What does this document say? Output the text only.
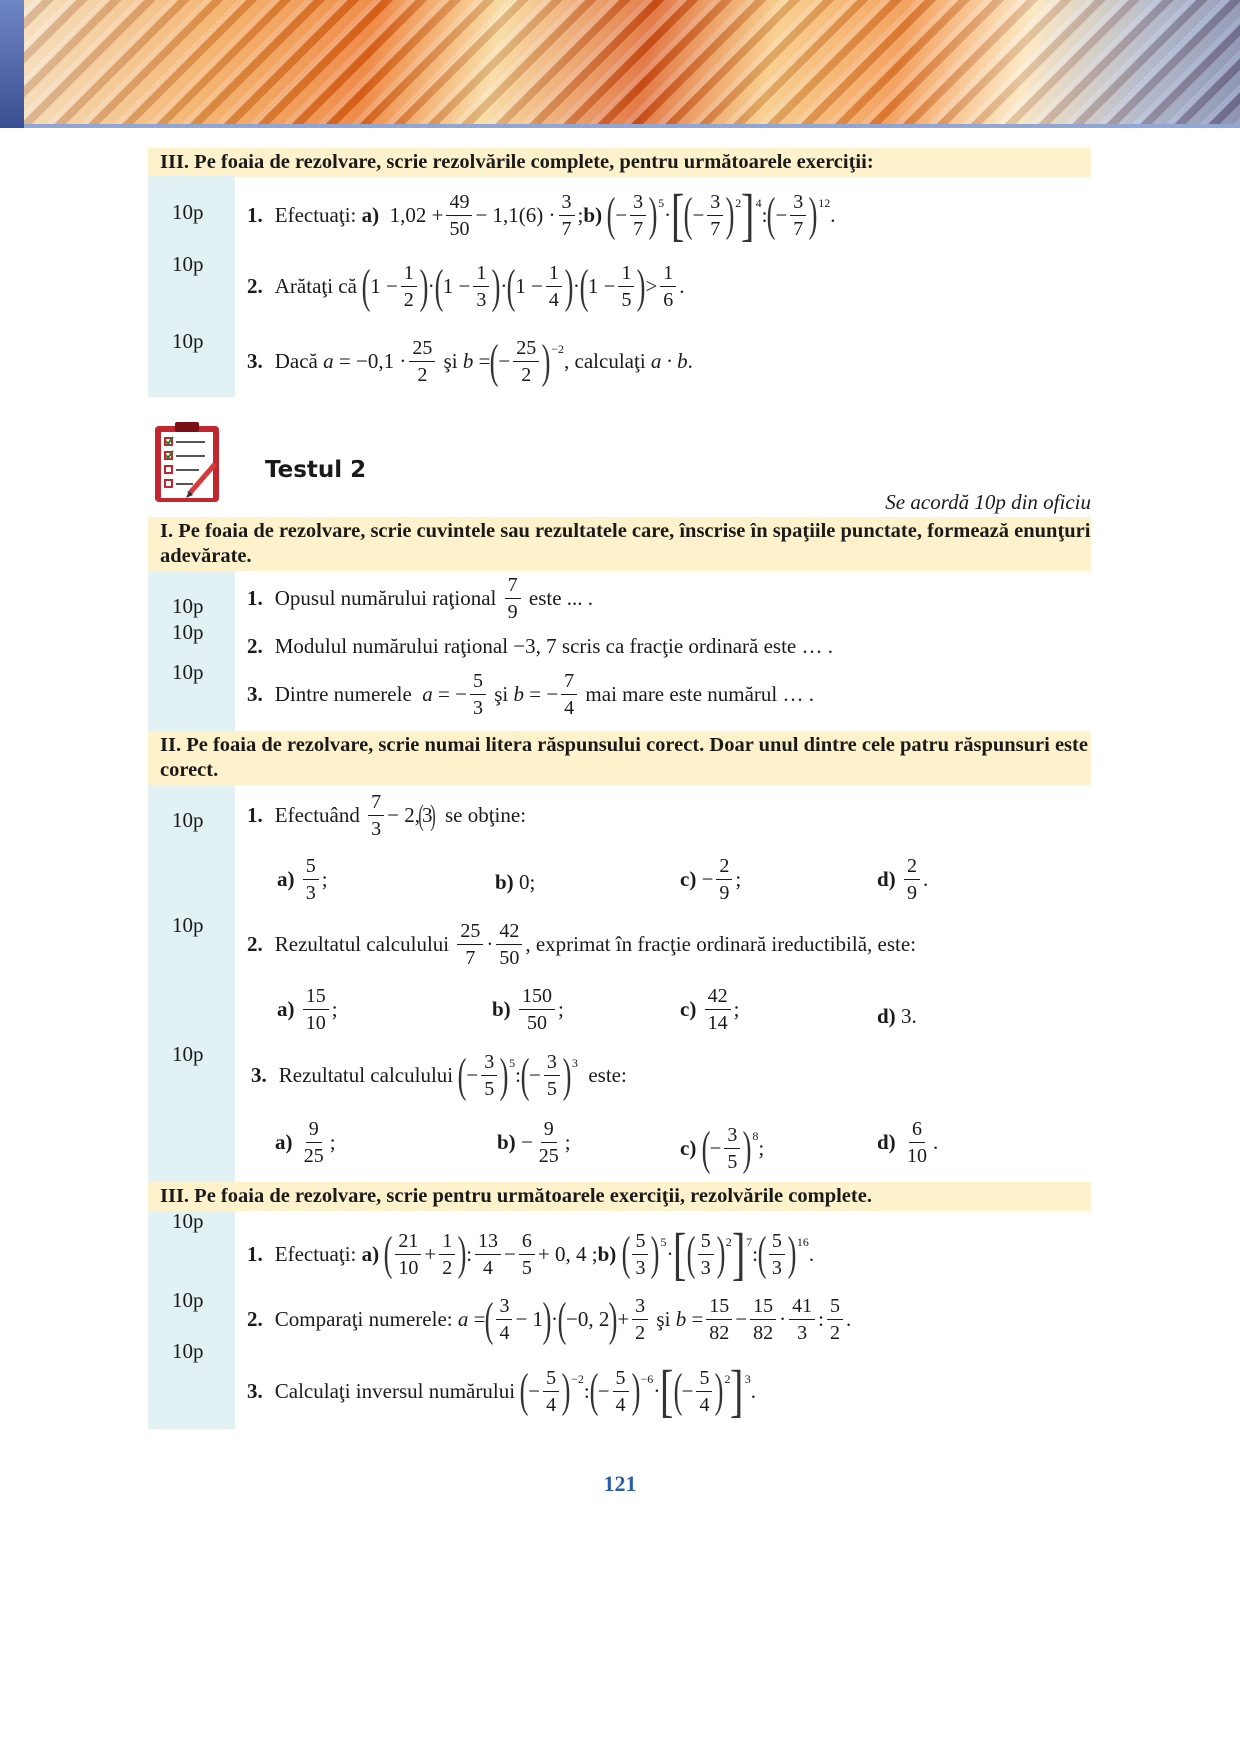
III. Pe foaia de rezolvare, scrie rezolvările complete, pentru următoarele exerciţii:
10p
10p
10p
1. Efectuaţi:
a) $1,02 + \frac{49}{50} - 1,1(6) \cdot \frac{3}{7}$ ; b)
( − $\frac{3}{7} )^5$ · [ ( − $\frac{3}{7} )^2$ ]$^4$ : ( − $\frac{3}{7} )^{12}$ .
2. Arătaţi că
( $1 - \frac{1}{2}$ ) · ( $1 - \frac{1}{3}$ ) · ( $1 - \frac{1}{4}$ ) · ( $1 - \frac{1}{5}$ ) > $\frac{1}{6}$ .
3. Dacă
$a = -0,1 \cdot \frac{25}{2}$
şi
b = ( − $\frac{25}{2} )^{-2}$ , calculaţi
a · b .
Testul 2
Se acordă 10p din oficiu
I. Pe foaia de rezolvare, scrie cuvintele sau rezultatele care, înscrise în spaţiile punctate, formează enunţuri adevărate.
10p
10p
10p
1. Opusul numărului raţional
$\frac{7}{9}$
este ... .
2. Modulul numărului raţional
−3, 7
scris ca fracţie ordinară este … .
3. Dintre numerele
a = − $\frac{5}{3}$
şi
b = − $\frac{7}{4}$
mai mare este numărul … .
II. Pe foaia de rezolvare, scrie numai litera răspunsului corect. Doar unul dintre cele patru răspunsuri este corect.
10p
10p
10p
1. Efectuând
$\frac{7}{3} - 2$,
(
3
)
se obţine:
a)
$\frac{5}{3}$ ;	b)
0;	$c) - \frac{2}{9}$ ;	d)
$\frac{2}{9}$ .
2. Rezultatul calculului
$\frac{25}{7} \cdot \frac{42}{50}$ , exprimat în fracţie ordinară ireductibilă, este:
a)
$\frac{15}{10}$ ;	b)
$\frac{150}{50}$ ;	c)
$\frac{42}{14}$ ;	d)
3.
3. Rezultatul calculului
( − $\frac{3}{5} )^5$ : ( − $\frac{3}{5} )^3$
este:
a)
$\frac{9}{25}$ ;	$b) - \frac{9}{25}$ ;	c)
( − $\frac{3}{5} )^8$ ;	d)
$\frac{6}{10}$ .
III. Pe foaia de rezolvare, scrie pentru următoarele exerciţii, rezolvările complete.
10p
10p
10p
1. Efectuaţi:
a)
( $\frac{21}{10} + \frac{1}{2}$ ) : $\frac{13}{4} - \frac{6}{5} + 0$, 4 ; b)
( $\frac{5}{3} )^5$ · [ ( $\frac{5}{3} )^2$ ]$^7$ : ( $\frac{5}{3} )^{16}$ .
2. Comparaţi numerele:
a = ( $\frac{3}{4} - 1$ ) · ( −0, 2 ) + $\frac{3}{2}$
şi
$b = \frac{15}{82} - \frac{15}{82} \cdot \frac{41}{3}$ : $\frac{5}{2}$ .
3. Calculaţi inversul numărului
( − $\frac{5}{4} )^{-2}$ : ( − $\frac{5}{4} )^{-6}$ · [ ( − $\frac{5}{4} )^2$ ]$^3$ .
121
